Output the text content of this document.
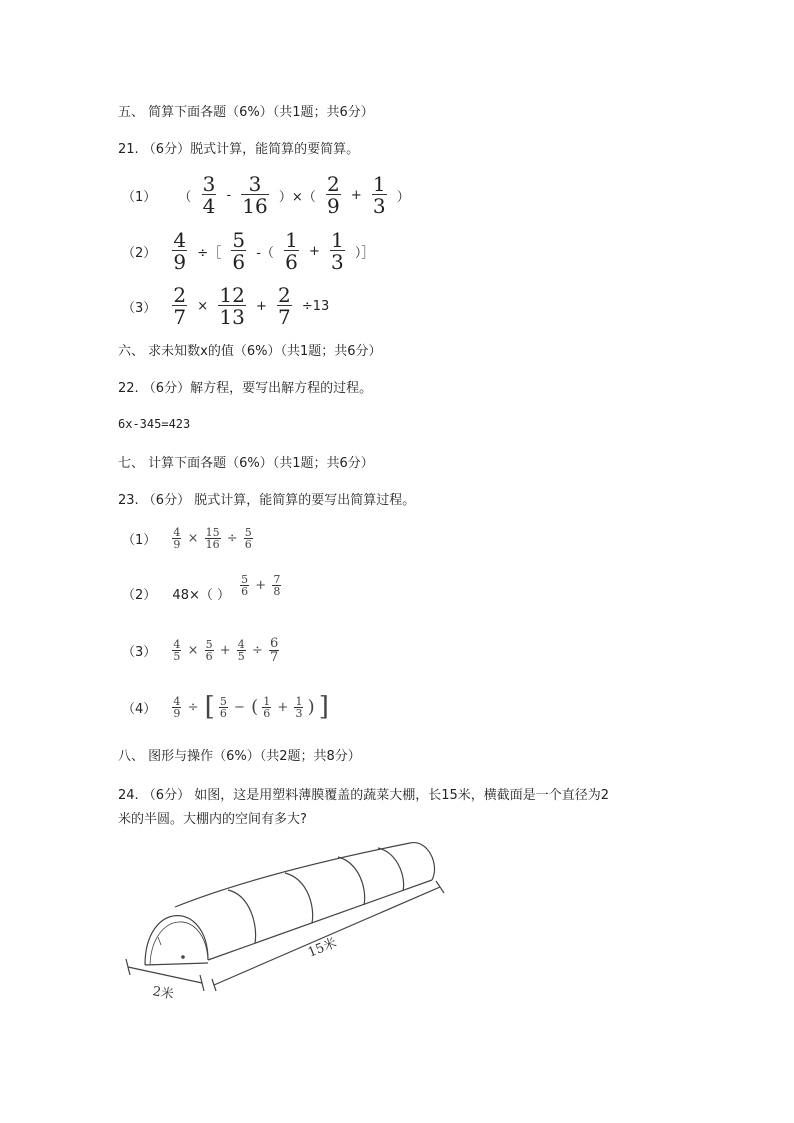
五、 简算下面各题（6%）（共1题；共6分）
21. （6分）脱式计算，能简算的要简算。
（1） （ $\frac{3}{4} - \frac{3}{16}$ ）×（ $\frac{2}{9} + \frac{1}{3}$ ）
$(2) \frac{4}{9}$ ÷［ $\frac{5}{6}$ -（ $\frac{1}{6} + \frac{1}{3}$ ）］
$(3) \frac{2}{7} \times \frac{12}{13} + \frac{2}{7} \div 13$
六、 求未知数x的值（6%）（共1题；共6分）
22. （6分）解方程，要写出解方程的过程。
6x-345=423
七、 计算下面各题（6%）（共1题；共6分）
23. （6分） 脱式计算，能简算的要写出简算过程。
$(1) \frac{4}{9} \times \frac{15}{16} \div \frac{5}{6}$
（2） 48×（ ） $\frac{5}{6} + \frac{7}{8}$
$(3) \frac{4}{5} \times \frac{5}{6} + \frac{4}{5} \div \frac{6}{7}$
$(4) \frac{4}{9}$ ÷ [ $\frac{5}{6}$ − ( $\frac{1}{6} + \frac{1}{3}$ ) ]
八、 图形与操作（6%）（共2题；共8分）
24. （6分） 如图，这是用塑料薄膜覆盖的蔬菜大棚，长15米，横截面是一个直径为2
米的半圆。大棚内的空间有多大?
2米
15米
